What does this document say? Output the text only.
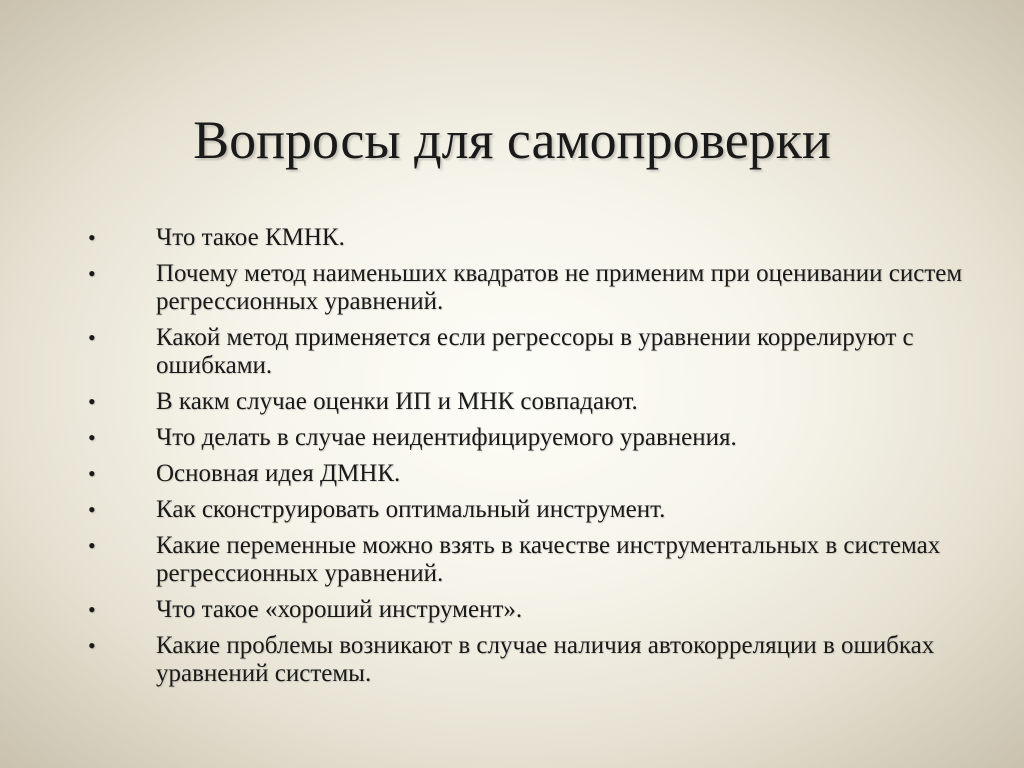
Вопросы для самопроверки
• Что такое КМНК.
• Почему метод наименьших квадратов не применим при оценивании систем регрессионных уравнений.
• Какой метод применяется если регрессоры в уравнении коррелируют с ошибками.
• В какм случае оценки ИП и МНК совпадают.
• Что делать в случае неидентифицируемого уравнения.
• Основная идея ДМНК.
• Как сконструировать оптимальный инструмент.
• Какие переменные можно взять в качестве инструментальных в системах регрессионных уравнений.
• Что такое «хороший инструмент».
• Какие проблемы возникают в случае наличия автокорреляции в ошибках уравнений системы.
